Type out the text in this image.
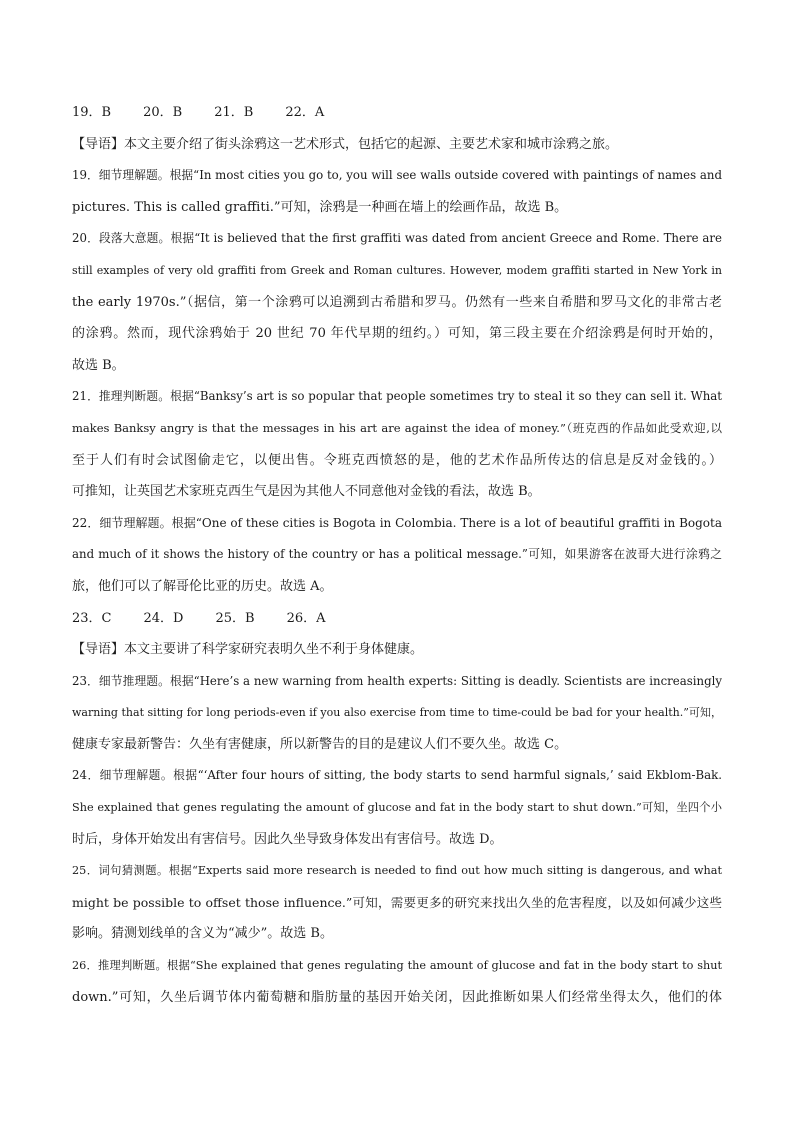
19．B 20．B 21．B 22．A
【导语】本文主要介绍了街头涂鸦这一艺术形式，包括它的起源、主要艺术家和城市涂鸦之旅。
19．细节理解题。根据“In most cities you go to, you will see walls outside covered with paintings of names and
pictures. This is called graffiti.”可知，涂鸦是一种画在墙上的绘画作品，故选 B。
20．段落大意题。根据“It is believed that the first graffiti was dated from ancient Greece and Rome. There are
still examples of very old graffiti from Greek and Roman cultures. However, modem graffiti started in New York in
the early 1970s.”（据信，第一个涂鸦可以追溯到古希腊和罗马。仍然有一些来自希腊和罗马文化的非常古老
的涂鸦。然而，现代涂鸦始于 20 世纪 70 年代早期的纽约。）可知，第三段主要在介绍涂鸦是何时开始的，
故选 B。
21．推理判断题。根据“Banksy’s art is so popular that people sometimes try to steal it so they can sell it. What
makes Banksy angry is that the messages in his art are against the idea of money.”（班克西的作品如此受欢迎,以
至于人们有时会试图偷走它，以便出售。令班克西愤怒的是，他的艺术作品所传达的信息是反对金钱的。）
可推知，让英国艺术家班克西生气是因为其他人不同意他对金钱的看法，故选 B。
22．细节理解题。根据“One of these cities is Bogota in Colombia. There is a lot of beautiful graffiti in Bogota
and much of it shows the history of the country or has a political message.”可知，如果游客在波哥大进行涂鸦之
旅，他们可以了解哥伦比亚的历史。故选 A。
23．C 24．D 25．B 26．A
【导语】本文主要讲了科学家研究表明久坐不利于身体健康。
23．细节推理题。根据“Here’s a new warning from health experts: Sitting is deadly. Scientists are increasingly
warning that sitting for long periods-even if you also exercise from time to time-could be bad for your health.”可知，
健康专家最新警告：久坐有害健康，所以新警告的目的是建议人们不要久坐。故选 C。
24．细节理解题。根据“‘After four hours of sitting, the body starts to send harmful signals,’ said Ekblom-Bak.
She explained that genes regulating the amount of glucose and fat in the body start to shut down.”可知，坐四个小
时后，身体开始发出有害信号。因此久坐导致身体发出有害信号。故选 D。
25．词句猜测题。根据“Experts said more research is needed to find out how much sitting is dangerous, and what
might be possible to offset those influence.”可知，需要更多的研究来找出久坐的危害程度，以及如何减少这些
影响。猜测划线单的含义为“减少”。故选 B。
26．推理判断题。根据“She explained that genes regulating the amount of glucose and fat in the body start to shut
down.”可知，久坐后调节体内葡萄糖和脂肪量的基因开始关闭，因此推断如果人们经常坐得太久，他们的体
